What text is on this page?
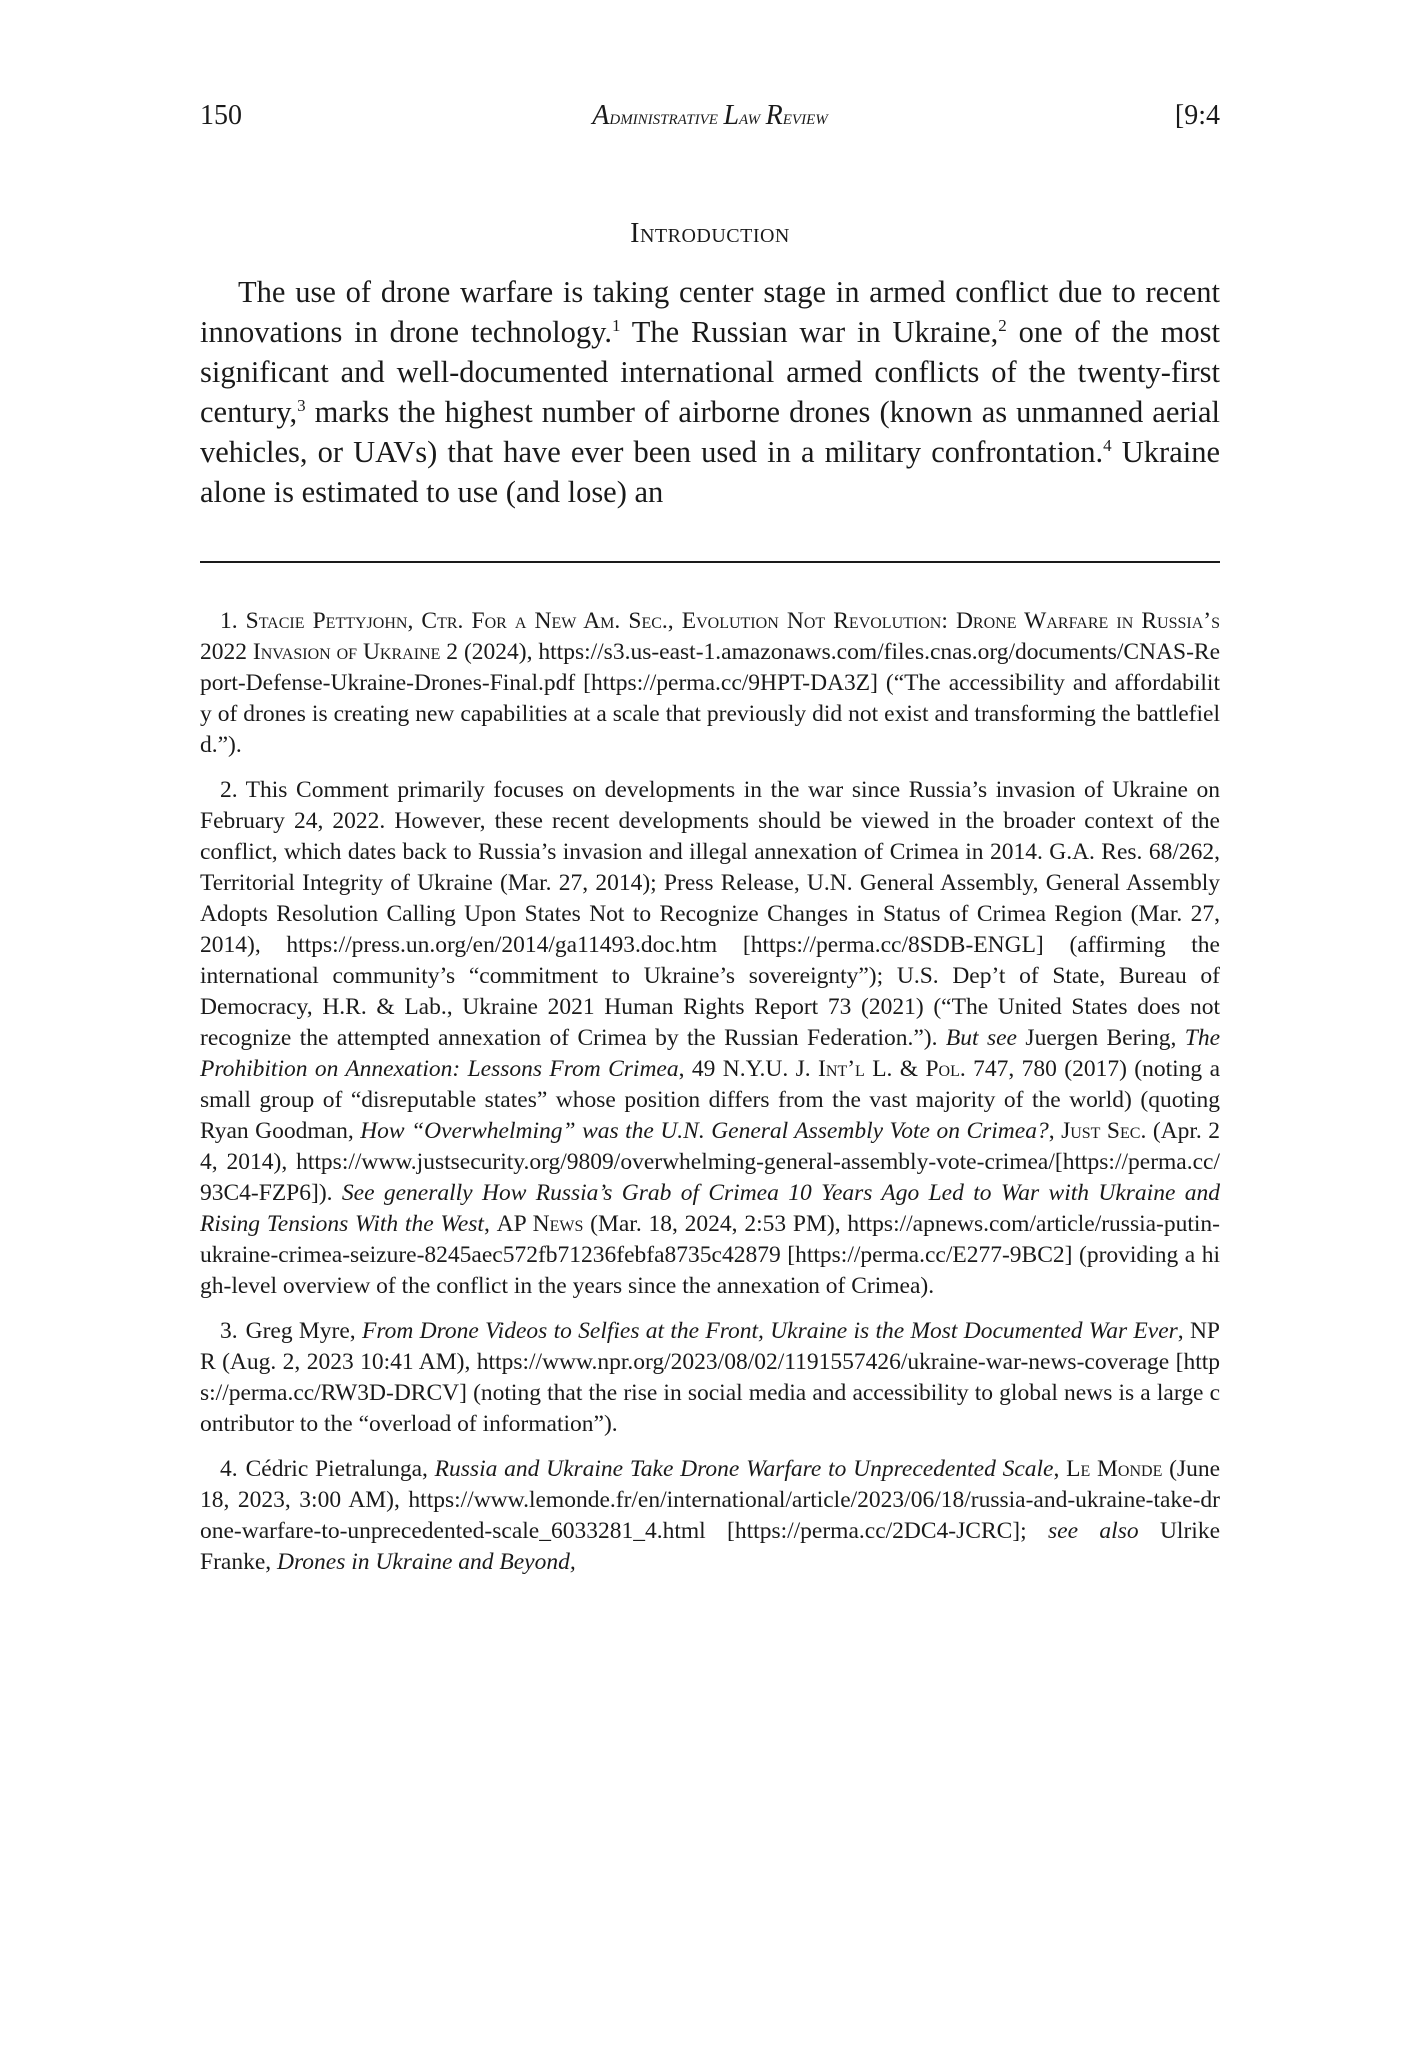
150	Administrative Law Review	[9:4
Introduction

The use of drone warfare is taking center stage in armed conflict due to recent innovations in drone technology.$^1$ The Russian war in Ukraine,$^2$ one of the most significant and well-documented international armed conflicts of the twenty-first century,$^3$ marks the highest number of airborne drones (known as unmanned aerial vehicles, or UAVs) that have ever been used in a military confrontation.$^4$ Ukraine alone is estimated to use (and lose) an

1. Stacie Pettyjohn, Ctr. For a New Am. Sec., Evolution Not Revolution: Drone Warfare in Russia’s 2022 Invasion of Ukraine 2 (2024), https://s3.us-east-1.amazonaws.com/files.cnas.org/documents/CNAS-Report-Defense-Ukraine-Drones-Final.pdf [https://perma.cc/9HPT-DA3Z] (“The accessibility and affordability of drones is creating new capabilities at a scale that previously did not exist and transforming the battlefield.”).

2. This Comment primarily focuses on developments in the war since Russia’s invasion of Ukraine on February 24, 2022. However, these recent developments should be viewed in the broader context of the conflict, which dates back to Russia’s invasion and illegal annexation of Crimea in 2014. G.A. Res. 68/262, Territorial Integrity of Ukraine (Mar. 27, 2014); Press Release, U.N. General Assembly, General Assembly Adopts Resolution Calling Upon States Not to Recognize Changes in Status of Crimea Region (Mar. 27, 2014), https://press.un.org/en/2014/ga11493.doc.htm [https://perma.cc/8SDB-ENGL] (affirming the international community’s “commitment to Ukraine’s sovereignty”); U.S. Dep’t of State, Bureau of Democracy, H.R. & Lab., Ukraine 2021 Human Rights Report 73 (2021) (“The United States does not recognize the attempted annexation of Crimea by the Russian Federation.”). But see Juergen Bering, The Prohibition on Annexation: Lessons From Crimea, 49 N.Y.U. J. Int’l L. & Pol. 747, 780 (2017) (noting a small group of “disreputable states” whose position differs from the vast majority of the world) (quoting Ryan Goodman, How “Overwhelming” was the U.N. General Assembly Vote on Crimea?, Just Sec. (Apr. 24, 2014), https://www.justsecurity.org/9809/overwhelming-general-assembly-vote-crimea/[https://perma.cc/93C4-FZP6]). See generally How Russia’s Grab of Crimea 10 Years Ago Led to War with Ukraine and Rising Tensions With the West, AP News (Mar. 18, 2024, 2:53 PM), https://apnews.com/article/russia-putin-ukraine-crimea-seizure-8245aec572fb71236febfa8735c42879 [https://perma.cc/E277-9BC2] (providing a high-level overview of the conflict in the years since the annexation of Crimea).

3. Greg Myre, From Drone Videos to Selfies at the Front, Ukraine is the Most Documented War Ever, NPR (Aug. 2, 2023 10:41 AM), https://www.npr.org/2023/08/02/1191557426/ukraine-war-news-coverage [https://perma.cc/RW3D-DRCV] (noting that the rise in social media and accessibility to global news is a large contributor to the “overload of information”).

4. Cédric Pietralunga, Russia and Ukraine Take Drone Warfare to Unprecedented Scale, Le Monde (June 18, 2023, 3:00 AM), https://www.lemonde.fr/en/international/article/2023/06/18/russia-and-ukraine-take-drone-warfare-to-unprecedented-scale_6033281_4.html [https://perma.cc/2DC4-JCRC]; see also Ulrike Franke, Drones in Ukraine and Beyond,
